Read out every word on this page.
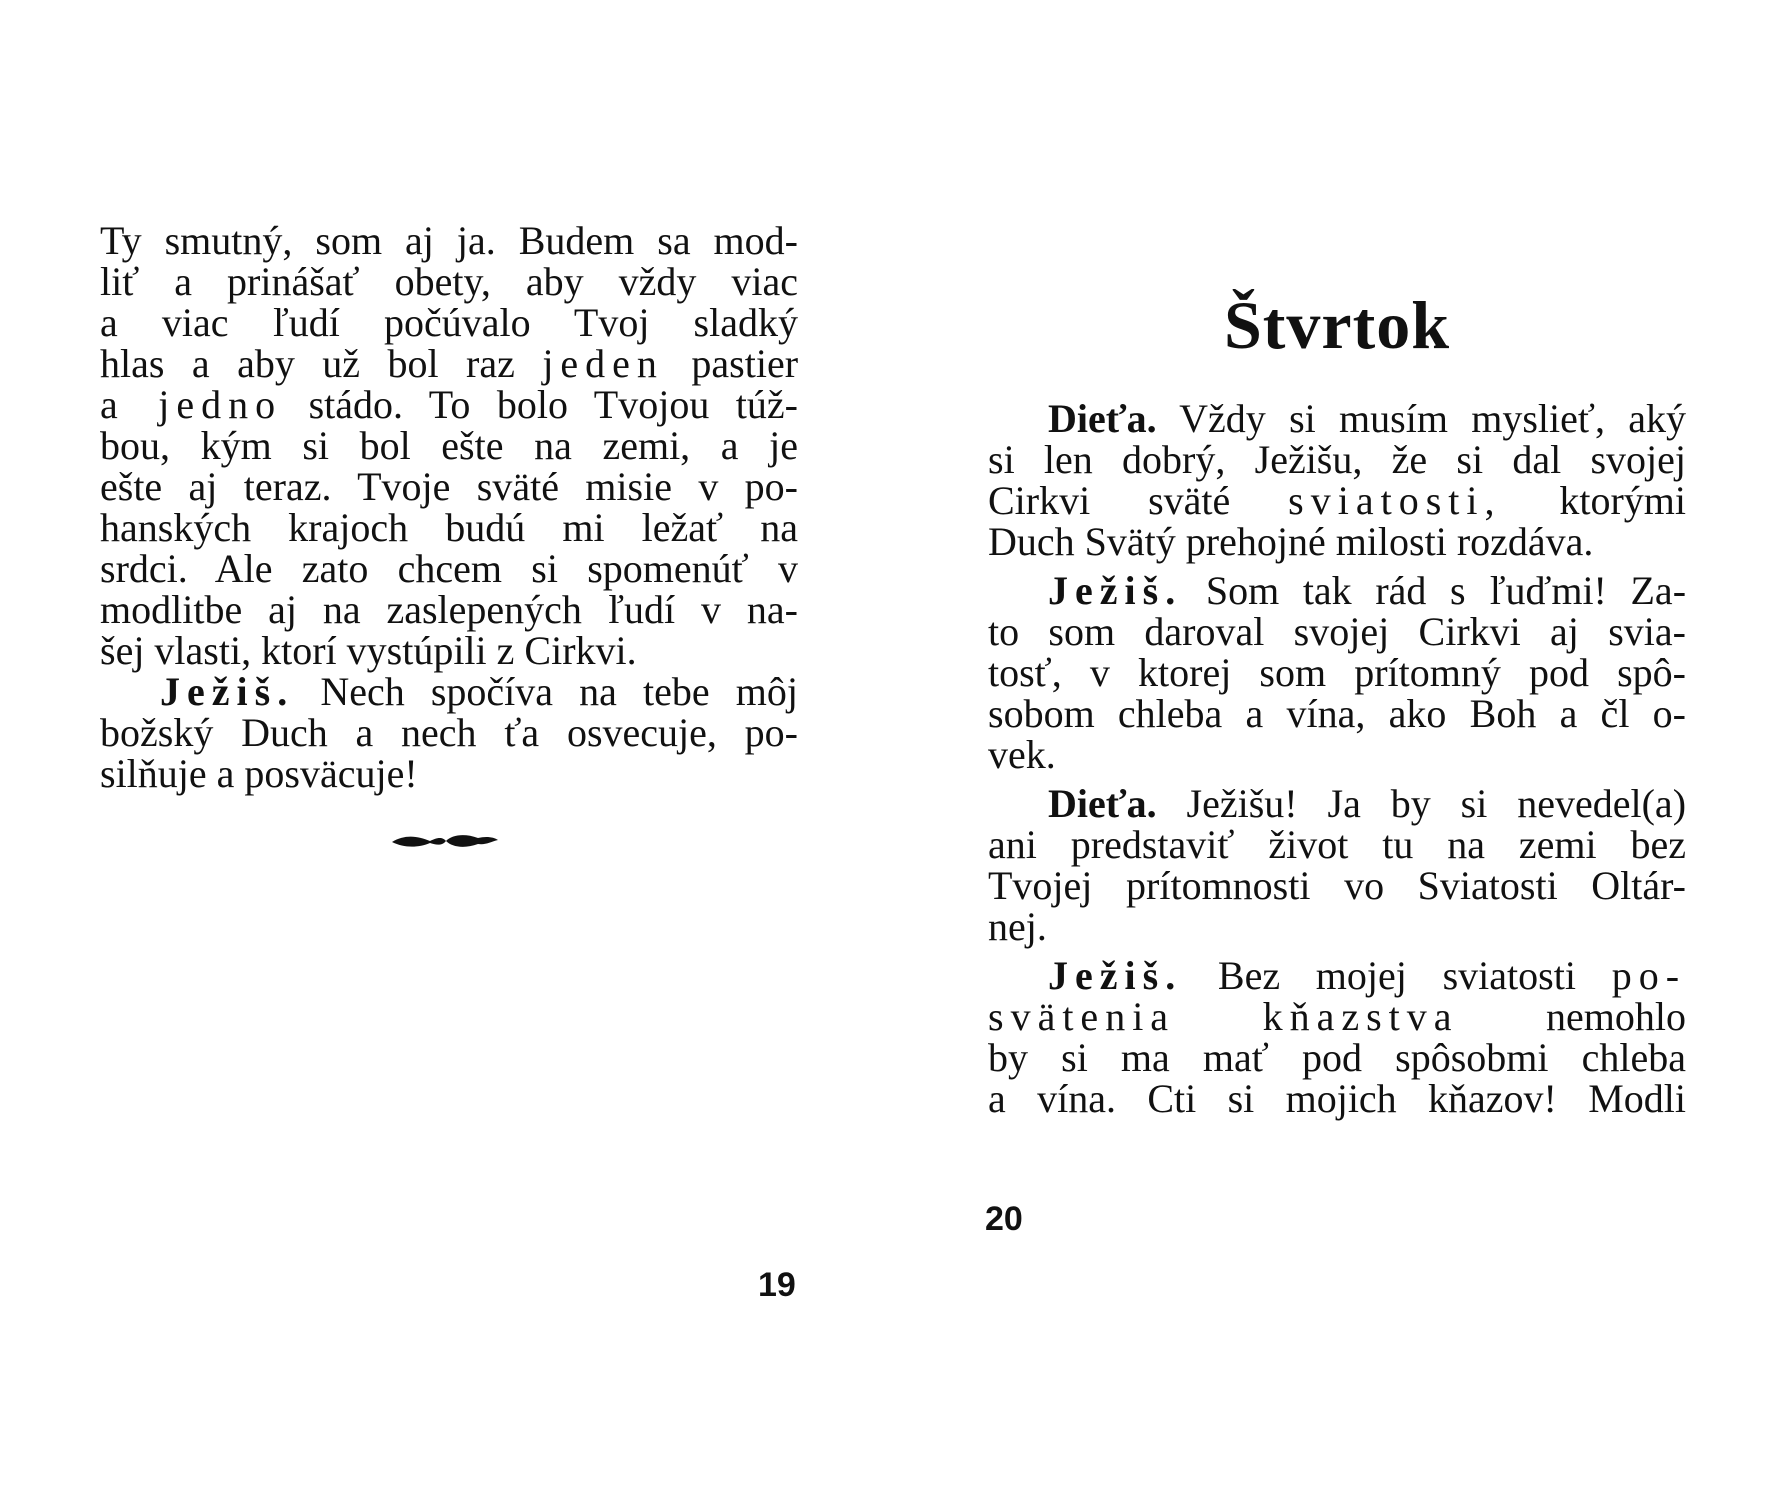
Ty smutný, som aj ja. Budem sa mod-
liť a prinášať obety, aby vždy viac
a viac ľudí počúvalo Tvoj sladký
hlas a aby už bol raz jeden pastier
a jedno stádo. To bolo Tvojou túž-
bou, kým si bol ešte na zemi, a je
ešte aj teraz. Tvoje sväté misie v po-
hanských krajoch budú mi ležať na
srdci. Ale zato chcem si spomenúť v
modlitbe aj na zaslepených ľudí v na-
šej vlasti, ktorí vystúpili z Cirkvi.
Ježiš. Nech spočíva na tebe môj
božský Duch a nech ťa osvecuje, po-
silňuje a posväcuje!
19
Štvrtok
Dieťa. Vždy si musím myslieť, aký
si len dobrý, Ježišu, že si dal svojej
Cirkvi sväté sviatosti, ktorými
Duch Svätý prehojné milosti rozdáva.
Ježiš. Som tak rád s ľuďmi! Za-
to som daroval svojej Cirkvi aj svia-
tosť, v ktorej som prítomný pod spô-
sobom chleba a vína, ako Boh a čl o-
vek.
Dieťa. Ježišu! Ja by si nevedel(a)
ani predstaviť život tu na zemi bez
Tvojej prítomnosti vo Sviatosti Oltár-
nej.
Ježiš. Bez mojej sviatosti po-
svätenia kňazstva nemohlo
by si ma mať pod spôsobmi chleba
a vína. Cti si mojich kňazov! Modli
20
